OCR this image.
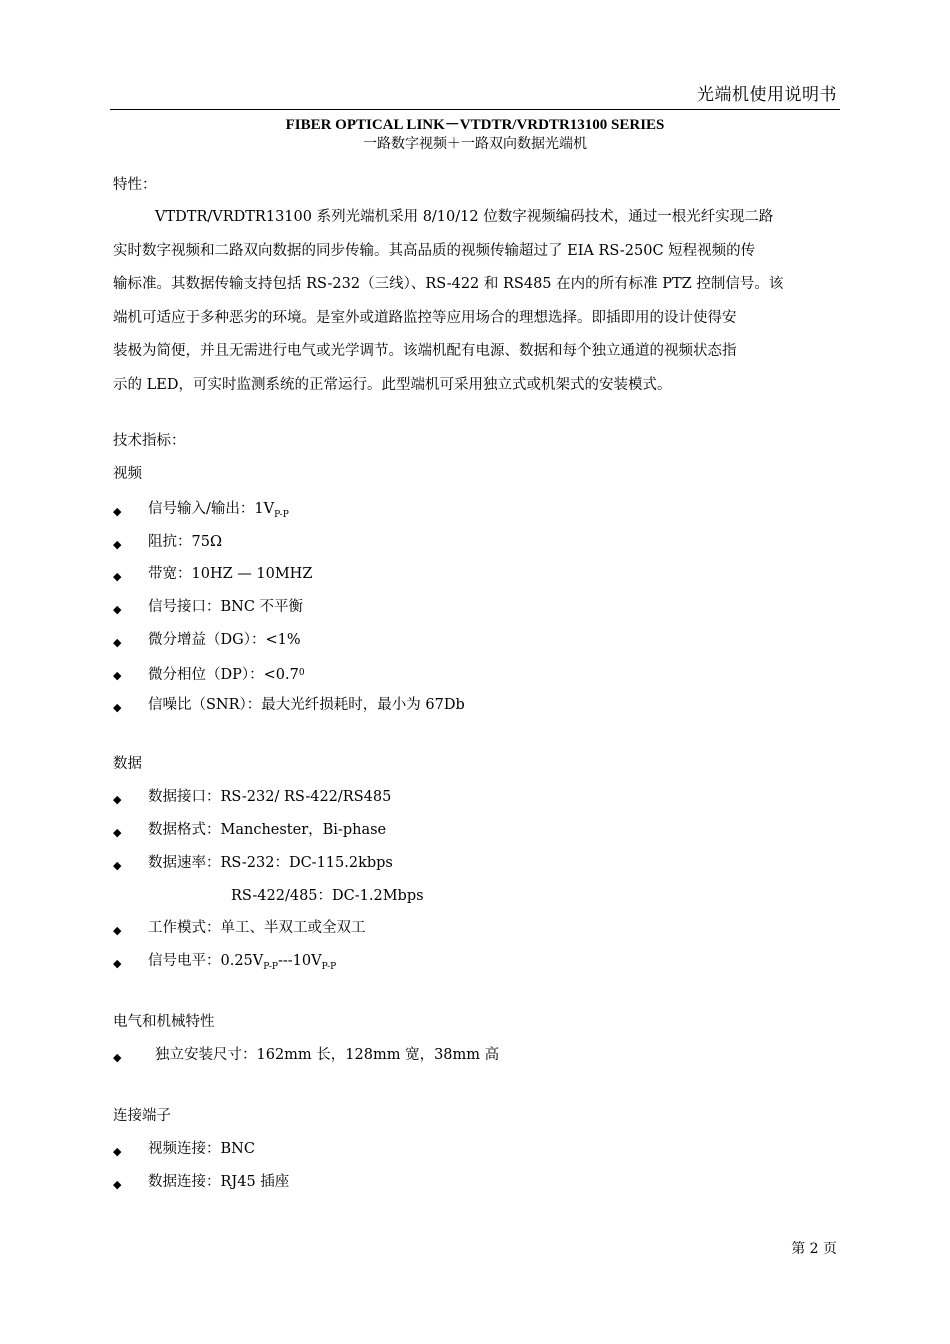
光端机使用说明书
FIBER OPTICAL LINK－VTDTR/VRDTR13100 SERIES
一路数字视频＋一路双向数据光端机
特性：
VTDTR/VRDTR13100 系列光端机采用 8/10/12 位数字视频编码技术，通过一根光纤实现二路
实时数字视频和二路双向数据的同步传输。其高品质的视频传输超过了 EIA RS-250C 短程视频的传
输标准。其数据传输支持包括 RS-232（三线）、RS-422 和 RS485 在内的所有标准 PTZ 控制信号。该
端机可适应于多种恶劣的环境。是室外或道路监控等应用场合的理想选择。即插即用的设计使得安
装极为简便，并且无需进行电气或光学调节。该端机配有电源、数据和每个独立通道的视频状态指
示的 LED，可实时监测系统的正常运行。此型端机可采用独立式或机架式的安装模式。
技术指标：
视频
◆ 信号输入/输出：$1V_{P-P}$
◆ 阻抗：75Ω
◆ 带宽：10HZ — 10MHZ
◆ 信号接口：BNC 不平衡
◆ 微分增益（DG）：<1%
◆ 微分相位（DP）：$<0.7^0$
◆ 信噪比（SNR）：最大光纤损耗时，最小为 67Db
数据
◆ 数据接口：RS-232/ RS-422/RS485
◆ 数据格式：Manchester，Bi-phase
◆ 数据速率：RS-232：DC-115.2kbps
RS-422/485：DC-1.2Mbps
◆ 工作模式：单工、半双工或全双工
◆ 信号电平：$0.25V_{P-P}---10V_{P-P}$
电气和机械特性
◆ 独立安装尺寸：162mm 长，128mm 宽，38mm 高
连接端子
◆ 视频连接：BNC
◆ 数据连接：RJ45 插座
第 2 页
